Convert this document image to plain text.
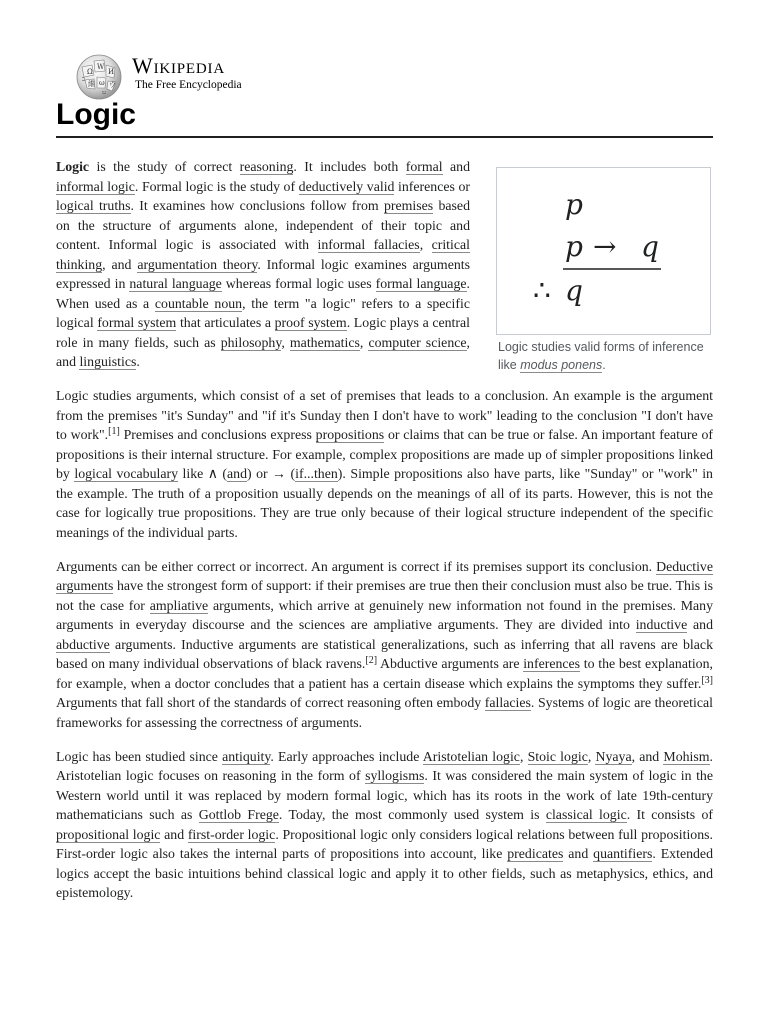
Ω
W
И
維 ω ウ
ב
ಬ
Wikipedia
The Free Encyclopedia
Logic
p
p → q
∴ q
Logic studies valid forms of inference like modus ponens.

Logic is the study of correct reasoning. It includes both formal and informal logic. Formal logic is the study of deductively valid inferences or logical truths. It examines how conclusions follow from premises based on the structure of arguments alone, independent of their topic and content. Informal logic is associated with informal fallacies, critical thinking, and argumentation theory. Informal logic examines arguments expressed in natural language whereas formal logic uses formal language. When used as a countable noun, the term "a logic" refers to a specific logical formal system that articulates a proof system. Logic plays a central role in many fields, such as philosophy, mathematics, computer science, and linguistics.

Logic studies arguments, which consist of a set of premises that leads to a conclusion. An example is the argument from the premises "it's Sunday" and "if it's Sunday then I don't have to work" leading to the conclusion "I don't have to work".[1] Premises and conclusions express propositions or claims that can be true or false. An important feature of propositions is their internal structure. For example, complex propositions are made up of simpler propositions linked by logical vocabulary like ∧ (and) or → (if...then). Simple propositions also have parts, like "Sunday" or "work" in the example. The truth of a proposition usually depends on the meanings of all of its parts. However, this is not the case for logically true propositions. They are true only because of their logical structure independent of the specific meanings of the individual parts.

Arguments can be either correct or incorrect. An argument is correct if its premises support its conclusion. Deductive arguments have the strongest form of support: if their premises are true then their conclusion must also be true. This is not the case for ampliative arguments, which arrive at genuinely new information not found in the premises. Many arguments in everyday discourse and the sciences are ampliative arguments. They are divided into inductive and abductive arguments. Inductive arguments are statistical generalizations, such as inferring that all ravens are black based on many individual observations of black ravens.[2] Abductive arguments are inferences to the best explanation, for example, when a doctor concludes that a patient has a certain disease which explains the symptoms they suffer.[3] Arguments that fall short of the standards of correct reasoning often embody fallacies. Systems of logic are theoretical frameworks for assessing the correctness of arguments.

Logic has been studied since antiquity. Early approaches include Aristotelian logic, Stoic logic, Nyaya, and Mohism. Aristotelian logic focuses on reasoning in the form of syllogisms. It was considered the main system of logic in the Western world until it was replaced by modern formal logic, which has its roots in the work of late 19th-century mathematicians such as Gottlob Frege. Today, the most commonly used system is classical logic. It consists of propositional logic and first-order logic. Propositional logic only considers logical relations between full propositions. First-order logic also takes the internal parts of propositions into account, like predicates and quantifiers. Extended logics accept the basic intuitions behind classical logic and apply it to other fields, such as metaphysics, ethics, and epistemology.
